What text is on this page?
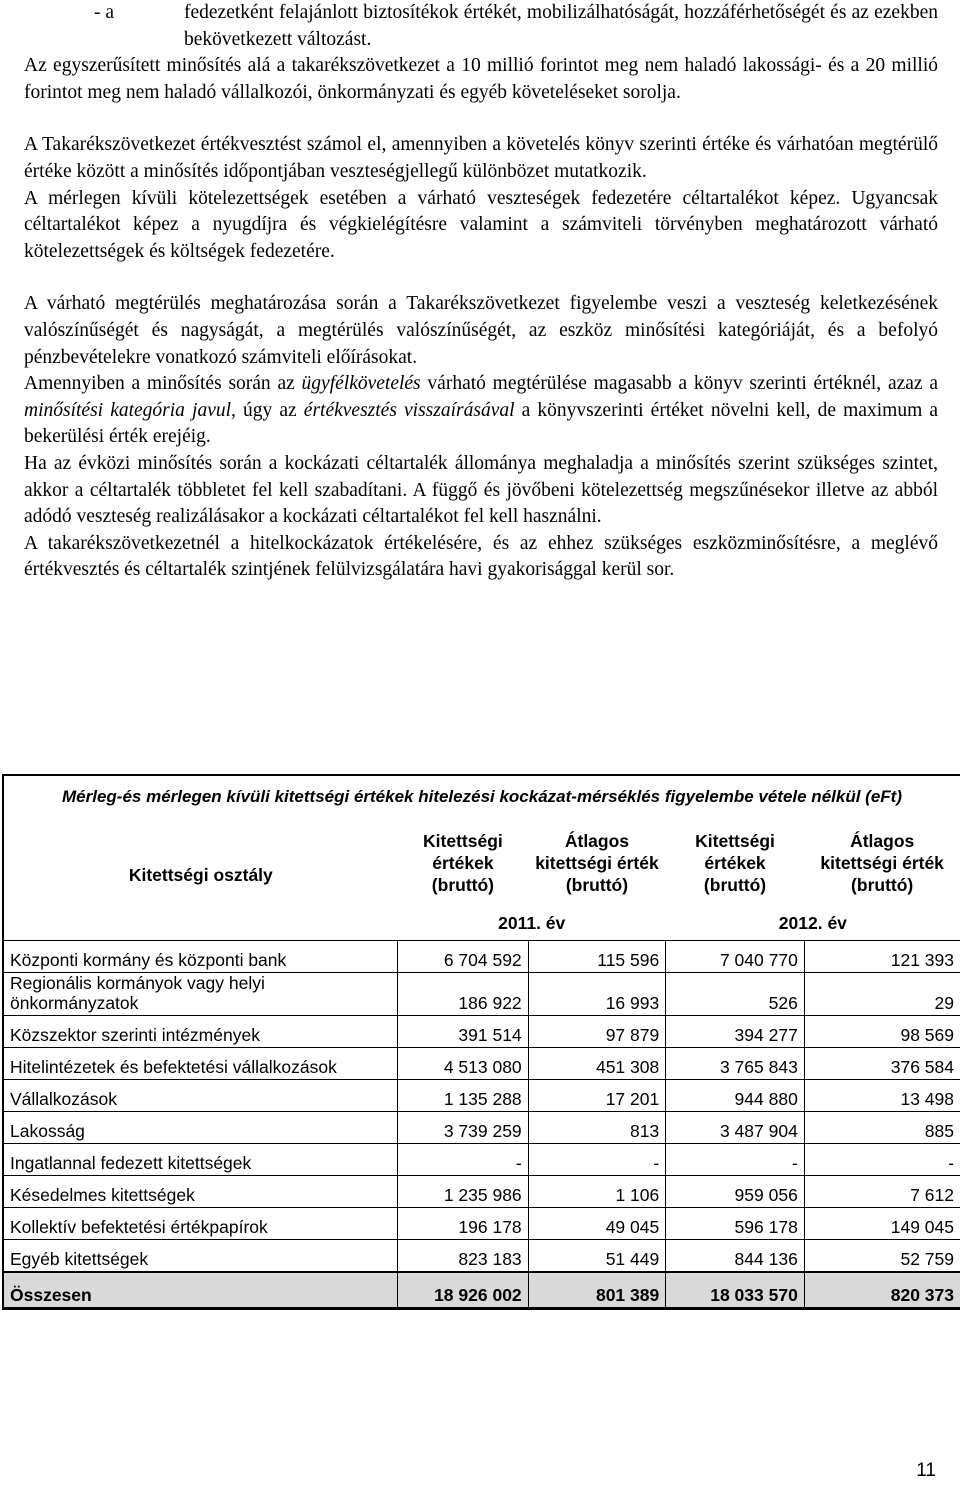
- a	fedezetként felajánlott biztosítékok értékét, mobilizálhatóságát, hozzáférhetőségét és az ezekben bekövetkezett változást.

Az egyszerűsített minősítés alá a takarékszövetkezet a 10 millió forintot meg nem haladó lakossági- és a 20 millió forintot meg nem haladó vállalkozói, önkormányzati és egyéb követeléseket sorolja.

A Takarékszövetkezet értékvesztést számol el, amennyiben a követelés könyv szerinti értéke és várhatóan megtérülő értéke között a minősítés időpontjában veszteségjellegű különbözet mutatkozik.

A mérlegen kívüli kötelezettségek esetében a várható veszteségek fedezetére céltartalékot képez. Ugyancsak céltartalékot képez a nyugdíjra és végkielégítésre valamint a számviteli törvényben meghatározott várható kötelezettségek és költségek fedezetére.

A várható megtérülés meghatározása során a Takarékszövetkezet figyelembe veszi a veszteség keletkezésének valószínűségét és nagyságát, a megtérülés valószínűségét, az eszköz minősítési kategóriáját, és a befolyó pénzbevételekre vonatkozó számviteli előírásokat.

Amennyiben a minősítés során az ügyfélkövetelés várható megtérülése magasabb a könyv szerinti értéknél, azaz a minősítési kategória javul, úgy az értékvesztés visszaírásával a könyvszerinti értéket növelni kell, de maximum a bekerülési érték erejéig.

Ha az évközi minősítés során a kockázati céltartalék állománya meghaladja a minősítés szerint szükséges szintet, akkor a céltartalék többletet fel kell szabadítani. A függő és jövőbeni kötelezettség megszűnésekor illetve az abból adódó veszteség realizálásakor a kockázati céltartalékot fel kell használni.

A takarékszövetkezetnél a hitelkockázatok értékelésére, és az ehhez szükséges eszközminősítésre, a meglévő értékvesztés és céltartalék szintjének felülvizsgálatára havi gyakorisággal kerül sor.

Mérleg-és mérlegen kívüli kitettségi értékek hitelezési kockázat-mérséklés figyelembe vétele nélkül (eFt)				
Kitettségi osztály	Kitettségi értékek (bruttó)	Átlagos kitettségi érték (bruttó)	Kitettségi értékek (bruttó)	Átlagos kitettségi érték (bruttó)
	2011. év		2012. év	
Központi kormány és központi bank	6 704 592	115 596	7 040 770	121 393
Regionális kormányok vagy helyi önkormányzatok	186 922	16 993	526	29
Közszektor szerinti intézmények	391 514	97 879	394 277	98 569
Hitelintézetek és befektetési vállalkozások	4 513 080	451 308	3 765 843	376 584
Vállalkozások	1 135 288	17 201	944 880	13 498
Lakosság	3 739 259	813	3 487 904	885
Ingatlannal fedezett kitettségek	-	-	-	-
Késedelmes kitettségek	1 235 986	1 106	959 056	7 612
Kollektív befektetési értékpapírok	196 178	49 045	596 178	149 045
Egyéb kitettségek	823 183	51 449	844 136	52 759
Összesen	18 926 002	801 389	18 033 570	820 373
11
